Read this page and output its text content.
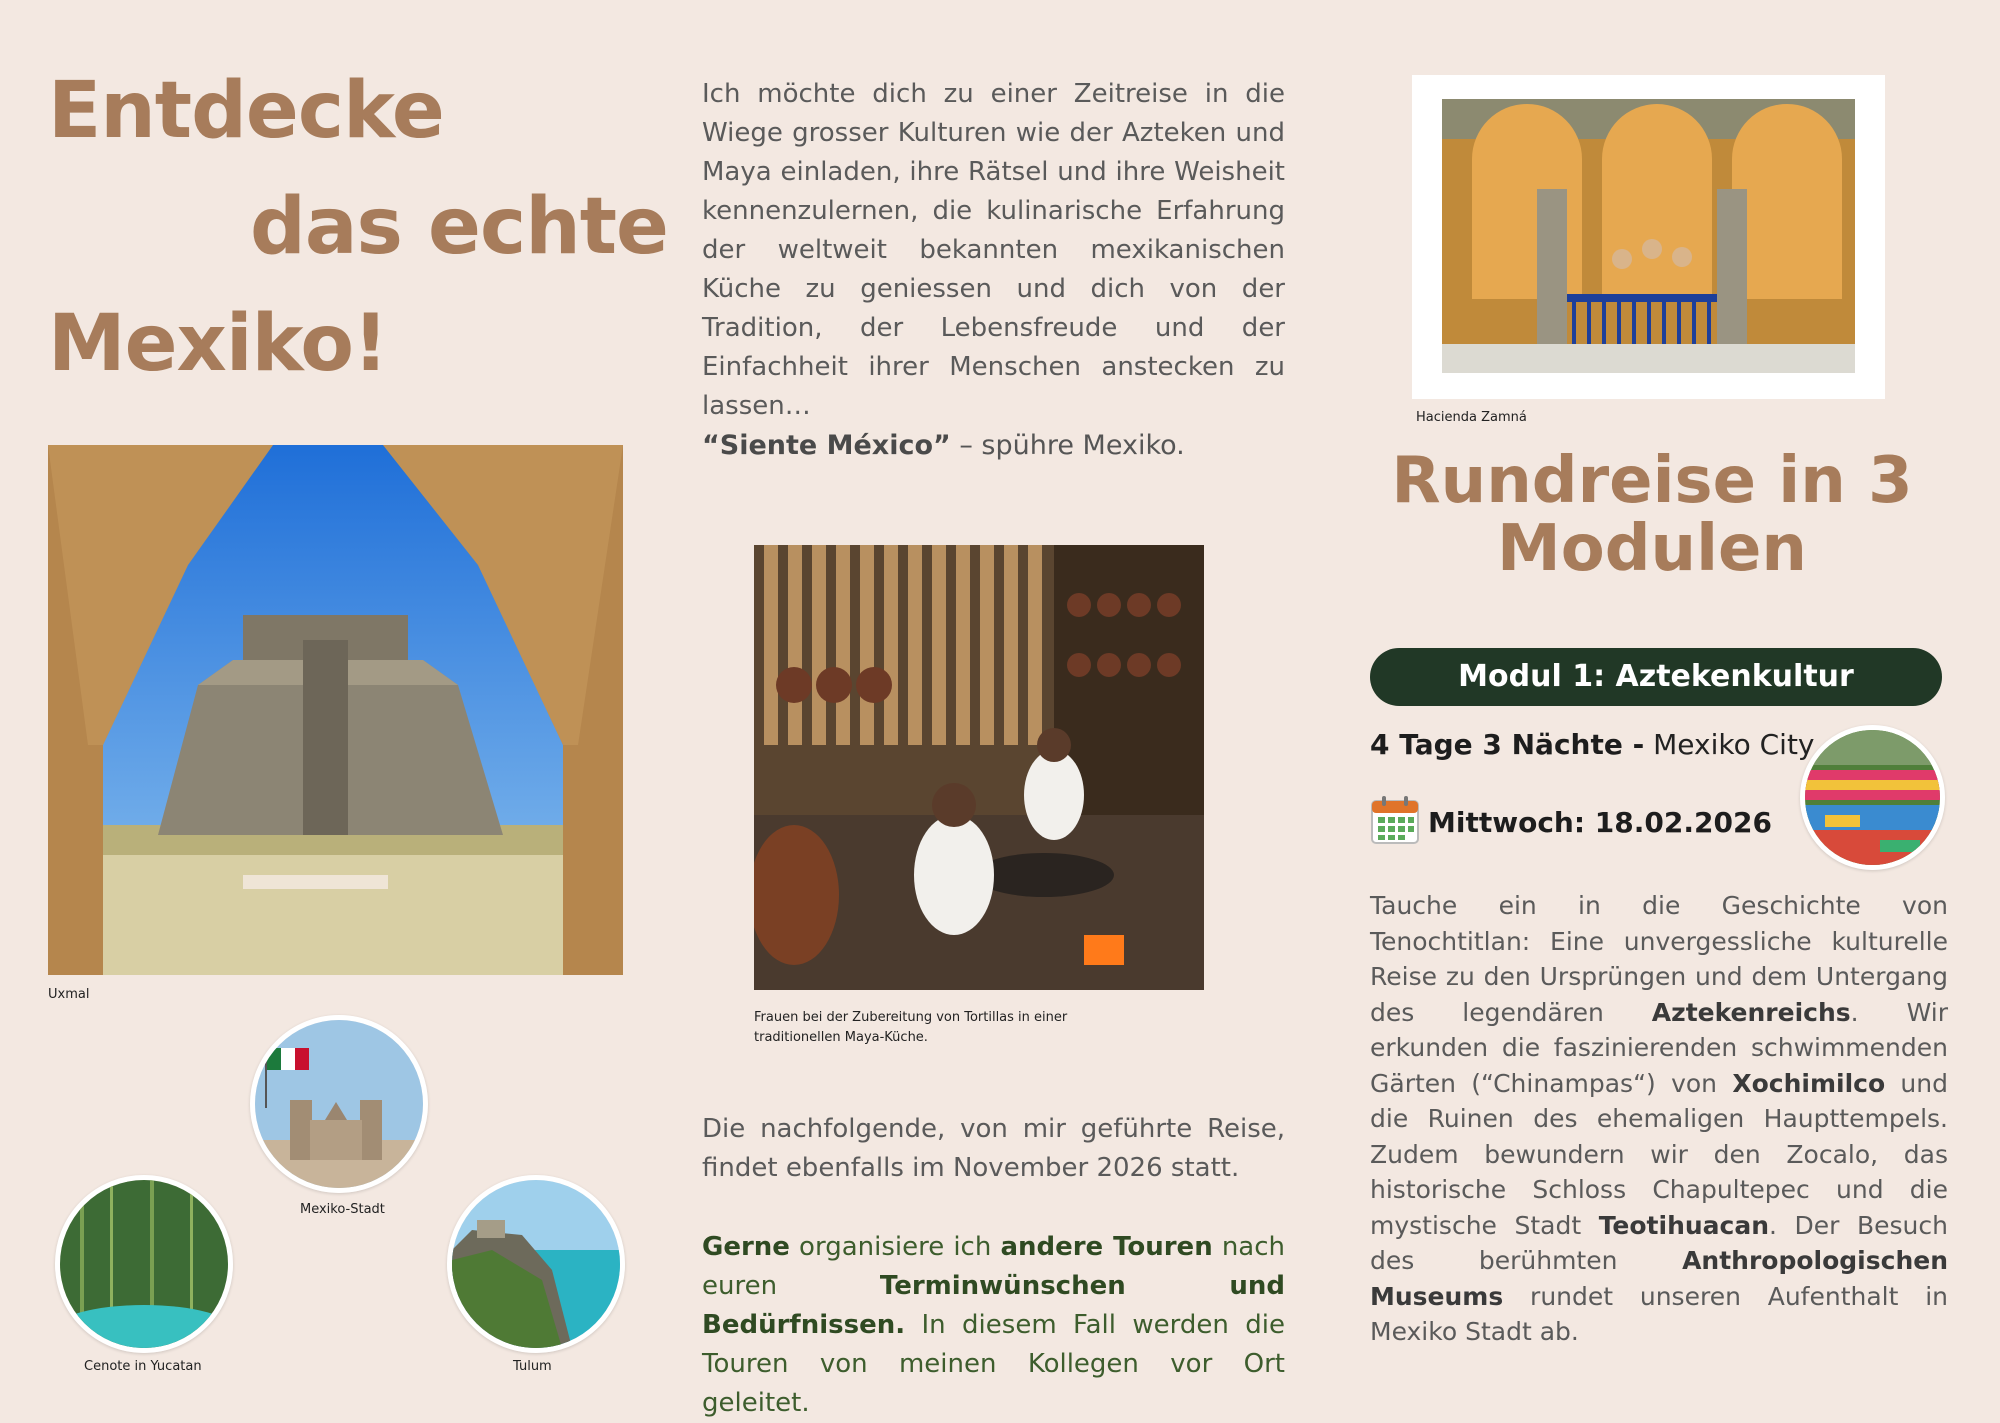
Entdecke
das echte
Mexiko!
Uxmal
Mexiko-Stadt
Cenote in Yucatan	Tulum
Ich möchte dich zu einer Zeitreise in die Wiege grosser Kulturen wie der Azteken und Maya einladen, ihre Rätsel und ihre Weisheit kennenzulernen, die kulinarische Erfahrung der weltweit bekannten mexikanischen Küche zu geniessen und dich von der Tradition, der Lebensfreude und der Einfachheit ihrer Menschen anstecken zu lassen…
“Siente México” – spühre Mexiko.
Frauen bei der Zubereitung von Tortillas in einer
traditionellen Maya-Küche.
Die nachfolgende, von mir geführte Reise, findet ebenfalls im November 2026 statt.
Gerne organisiere ich andere Touren nach euren Terminwünschen und Bedürfnissen. In diesem Fall werden die Touren von meinen Kollegen vor Ort geleitet.
Hacienda Zamná
Rundreise in 3
Modulen
Modul 1: Aztekenkultur
4 Tage 3 Nächte - Mexiko City
Mittwoch: 18.02.2026
Tauche ein in die Geschichte von Tenochtitlan: Eine unvergessliche kulturelle Reise zu den Ursprüngen und dem Untergang des legendären Aztekenreichs. Wir erkunden die faszinierenden schwimmenden Gärten (“Chinampas“) von Xochimilco und die Ruinen des ehemaligen Haupttempels. Zudem bewundern wir den Zocalo, das historische Schloss Chapultepec und die mystische Stadt Teotihuacan. Der Besuch des berühmten Anthropologischen Museums rundet unseren Aufenthalt in Mexiko Stadt ab.
